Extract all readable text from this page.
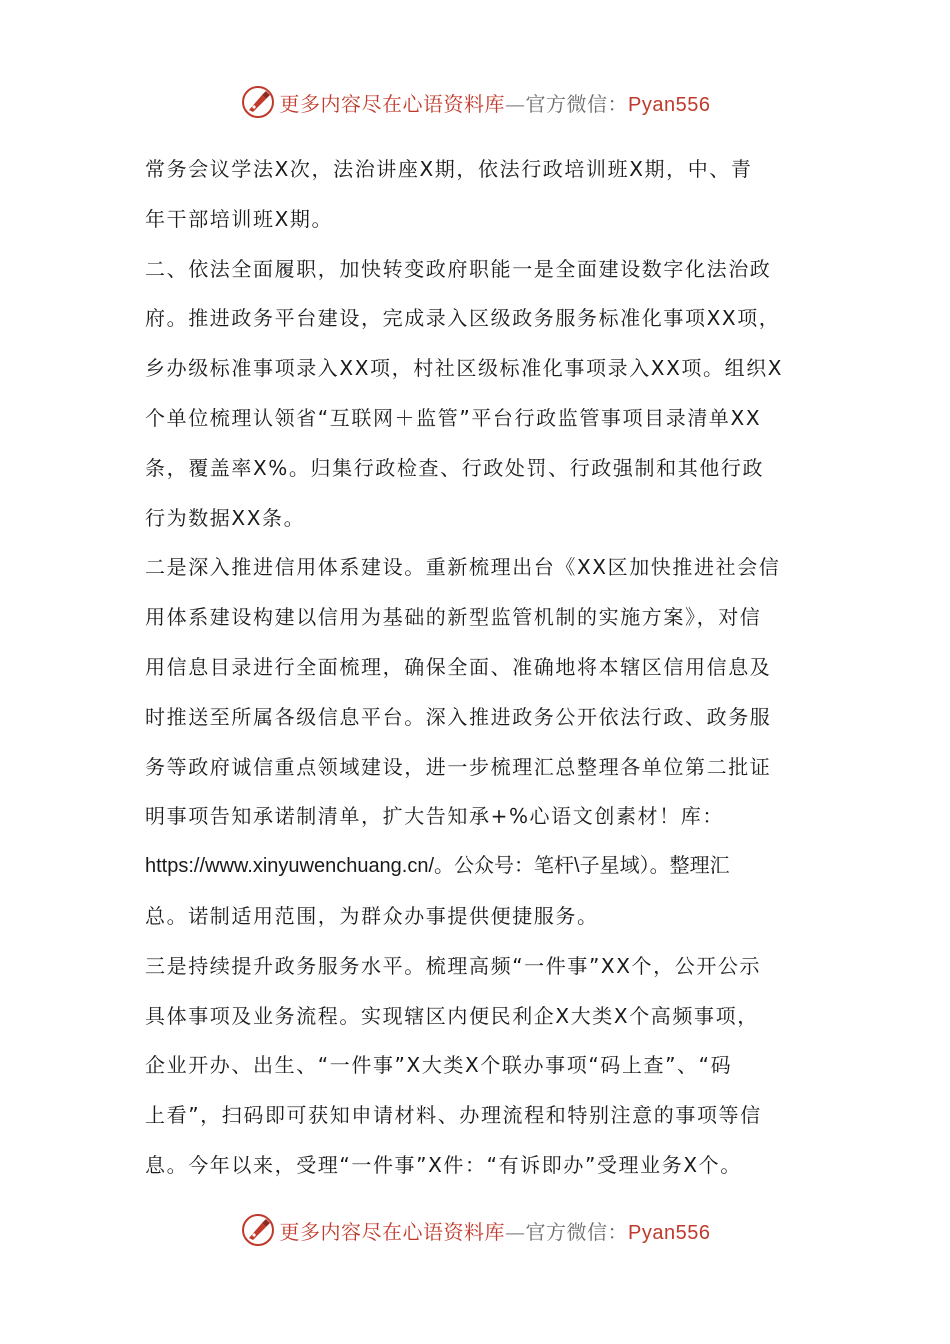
更多内容尽在心语资料库—官方微信：Pyan556

常务会议学法X次，法治讲座X期，依法行政培训班X期，中、青

年干部培训班X期。

二、依法全面履职，加快转变政府职能一是全面建设数字化法治政

府。推进政务平台建设，完成录入区级政务服务标准化事项XX项，

乡办级标准事项录入XX项，村社区级标准化事项录入XX项。组织X

个单位梳理认领省“互联网＋监管”平台行政监管事项目录清单XX

条，覆盖率X%。归集行政检查、行政处罚、行政强制和其他行政

行为数据XX条。

二是深入推进信用体系建设。重新梳理出台《XX区加快推进社会信

用体系建设构建以信用为基础的新型监管机制的实施方案》，对信

用信息目录进行全面梳理，确保全面、准确地将本辖区信用信息及

时推送至所属各级信息平台。深入推进政务公开依法行政、政务服

务等政府诚信重点领域建设，进一步梳理汇总整理各单位第二批证

明事项告知承诺制清单，扩大告知承+%心语文创素材！库：

https://www.xinyuwenchuang.cn/。公众号：笔杆\子星域）。整理汇

总。诺制适用范围，为群众办事提供便捷服务。

三是持续提升政务服务水平。梳理高频“一件事”XX个，公开公示

具体事项及业务流程。实现辖区内便民利企X大类X个高频事项，

企业开办、出生、“一件事”X大类X个联办事项“码上查”、“码

上看”，扫码即可获知申请材料、办理流程和特别注意的事项等信

息。今年以来，受理“一件事”X件：“有诉即办”受理业务X个。

更多内容尽在心语资料库—官方微信：Pyan556
